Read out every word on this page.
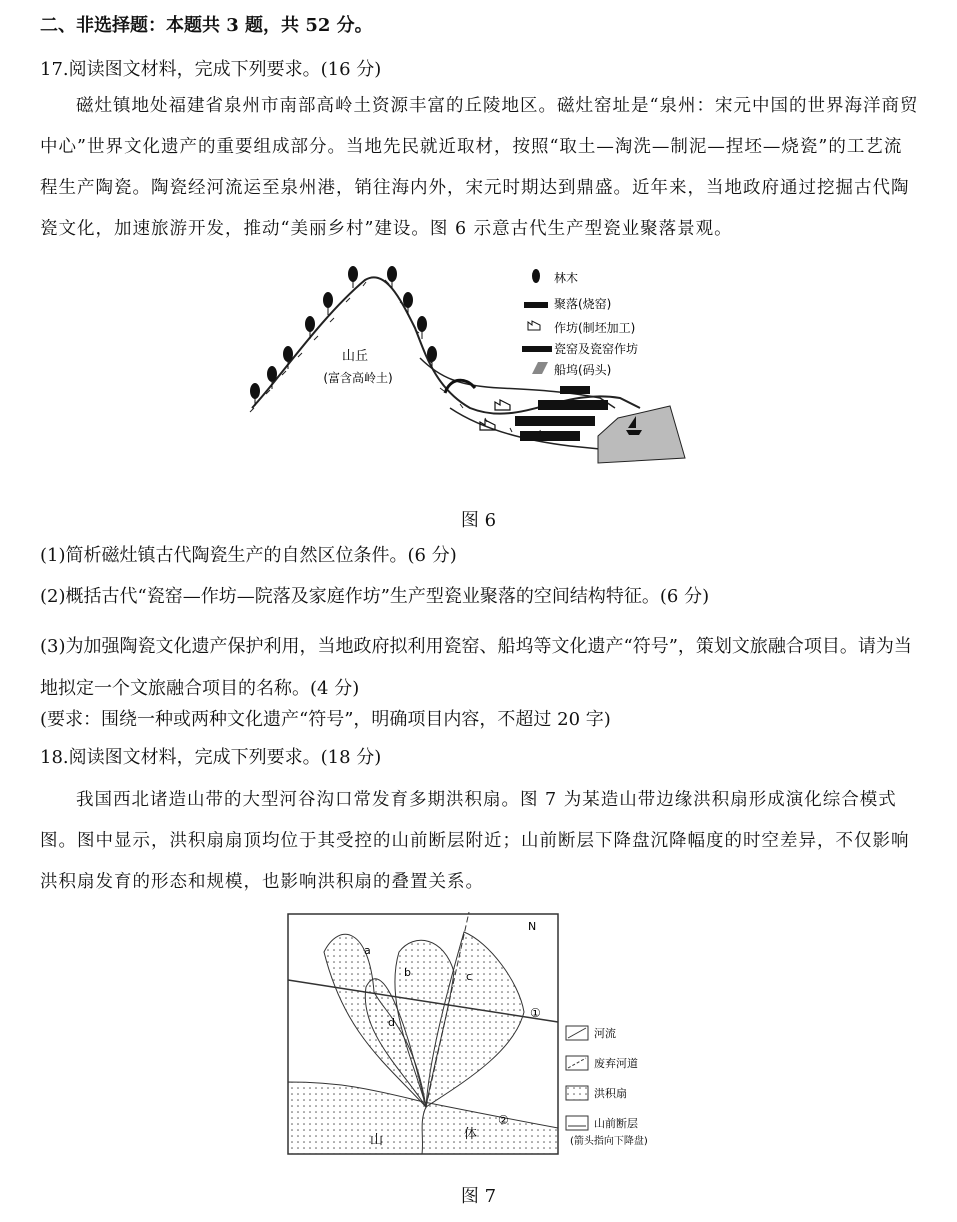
二、非选择题：本题共 3 题，共 52 分。
17.阅读图文材料，完成下列要求。(16 分)
磁灶镇地处福建省泉州市南部高岭土资源丰富的丘陵地区。磁灶窑址是“泉州：宋元中国的世界海洋商贸中心”世界文化遗产的重要组成部分。当地先民就近取材，按照“取土—淘洗—制泥—捏坯—烧瓷”的工艺流程生产陶瓷。陶瓷经河流运至泉州港，销往海内外，宋元时期达到鼎盛。近年来，当地政府通过挖掘古代陶瓷文化，加速旅游开发，推动“美丽乡村”建设。图 6 示意古代生产型瓷业聚落景观。
山丘
(富含高岭土)
林木
聚落(烧窑)
作坊(制坯加工)
瓷窑及瓷窑作坊
船坞(码头)
图 6
(1)简析磁灶镇古代陶瓷生产的自然区位条件。(6 分)
(2)概括古代“瓷窑—作坊—院落及家庭作坊”生产型瓷业聚落的空间结构特征。(6 分)
(3)为加强陶瓷文化遗产保护利用，当地政府拟利用瓷窑、船坞等文化遗产“符号”，策划文旅融合项目。请为当地拟定一个文旅融合项目的名称。(4 分)
(要求：围绕一种或两种文化遗产“符号”，明确项目内容，不超过 20 字)
18.阅读图文材料，完成下列要求。(18 分)
我国西北诸造山带的大型河谷沟口常发育多期洪积扇。图 7 为某造山带边缘洪积扇形成演化综合模式图。图中显示，洪积扇扇顶均位于其受控的山前断层附近；山前断层下降盘沉降幅度的时空差异，不仅影响洪积扇发育的形态和规模，也影响洪积扇的叠置关系。
a
b	c
d
①
②
N
山	体
河流
废弃河道
洪积扇
山前断层
(箭头指向下降盘)
图 7
